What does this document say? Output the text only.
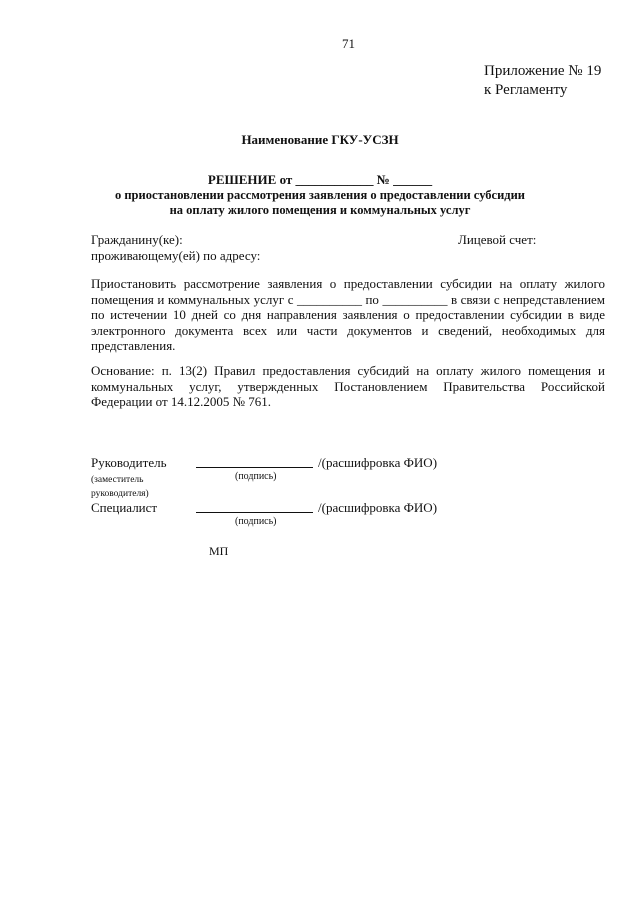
71
Приложение № 19
к Регламенту
Наименование ГКУ-УСЗН
РЕШЕНИЕ от ____________ № ______
о приостановлении рассмотрения заявления о предоставлении субсидии
на оплату жилого помещения и коммунальных услуг
Гражданину(ке):
проживающему(ей) по адресу:
Лицевой счет:
Приостановить рассмотрение заявления о предоставлении субсидии на оплату жилого помещения и коммунальных услуг с __________ по __________ в связи с непредставлением по истечении 10 дней со дня направления заявления о предоставлении субсидии в виде электронного документа всех или части документов и сведений, необходимых для представления.
Основание: п. 13(2) Правил предоставления субсидий на оплату жилого помещения и коммунальных услуг, утвержденных Постановлением Правительства Российской Федерации от 14.12.2005 № 761.
Руководитель	/(расшифровка ФИО)
(заместитель
руководителя)
(подпись)
Специалист	/(расшифровка ФИО)
(подпись)
МП
